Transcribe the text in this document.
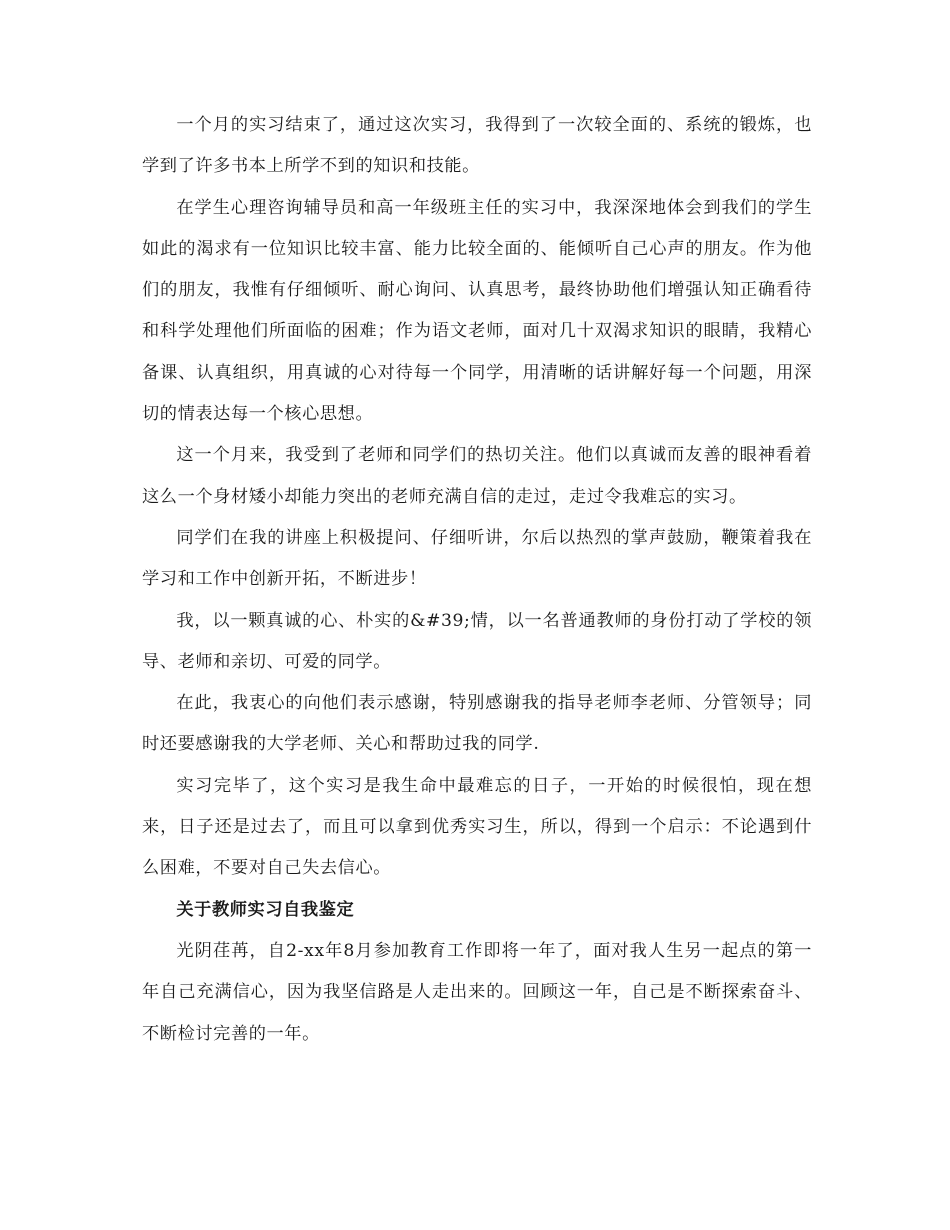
一个月的实习结束了，通过这次实习，我得到了一次较全面的、系统的锻炼，也学到了许多书本上所学不到的知识和技能。

在学生心理咨询辅导员和高一年级班主任的实习中，我深深地体会到我们的学生如此的渴求有一位知识比较丰富、能力比较全面的、能倾听自己心声的朋友。作为他们的朋友，我惟有仔细倾听、耐心询问、认真思考，最终协助他们增强认知正确看待和科学处理他们所面临的困难；作为语文老师，面对几十双渴求知识的眼睛，我精心备课、认真组织，用真诚的心对待每一个同学，用清晰的话讲解好每一个问题，用深切的情表达每一个核心思想。

这一个月来，我受到了老师和同学们的热切关注。他们以真诚而友善的眼神看着这么一个身材矮小却能力突出的老师充满自信的走过，走过令我难忘的实习。

同学们在我的讲座上积极提问、仔细听讲，尔后以热烈的掌声鼓励，鞭策着我在学习和工作中创新开拓，不断进步！

我，以一颗真诚的心、朴实的&#39;情，以一名普通教师的身份打动了学校的领导、老师和亲切、可爱的同学。

在此，我衷心的向他们表示感谢，特别感谢我的指导老师李老师、分管领导；同时还要感谢我的大学老师、关心和帮助过我的同学.

实习完毕了，这个实习是我生命中最难忘的日子，一开始的时候很怕，现在想来，日子还是过去了，而且可以拿到优秀实习生，所以，得到一个启示：不论遇到什么困难，不要对自己失去信心。

关于教师实习自我鉴定

光阴荏苒，自2-xx年8月参加教育工作即将一年了，面对我人生另一起点的第一年自己充满信心，因为我坚信路是人走出来的。回顾这一年，自己是不断探索奋斗、不断检讨完善的一年。
